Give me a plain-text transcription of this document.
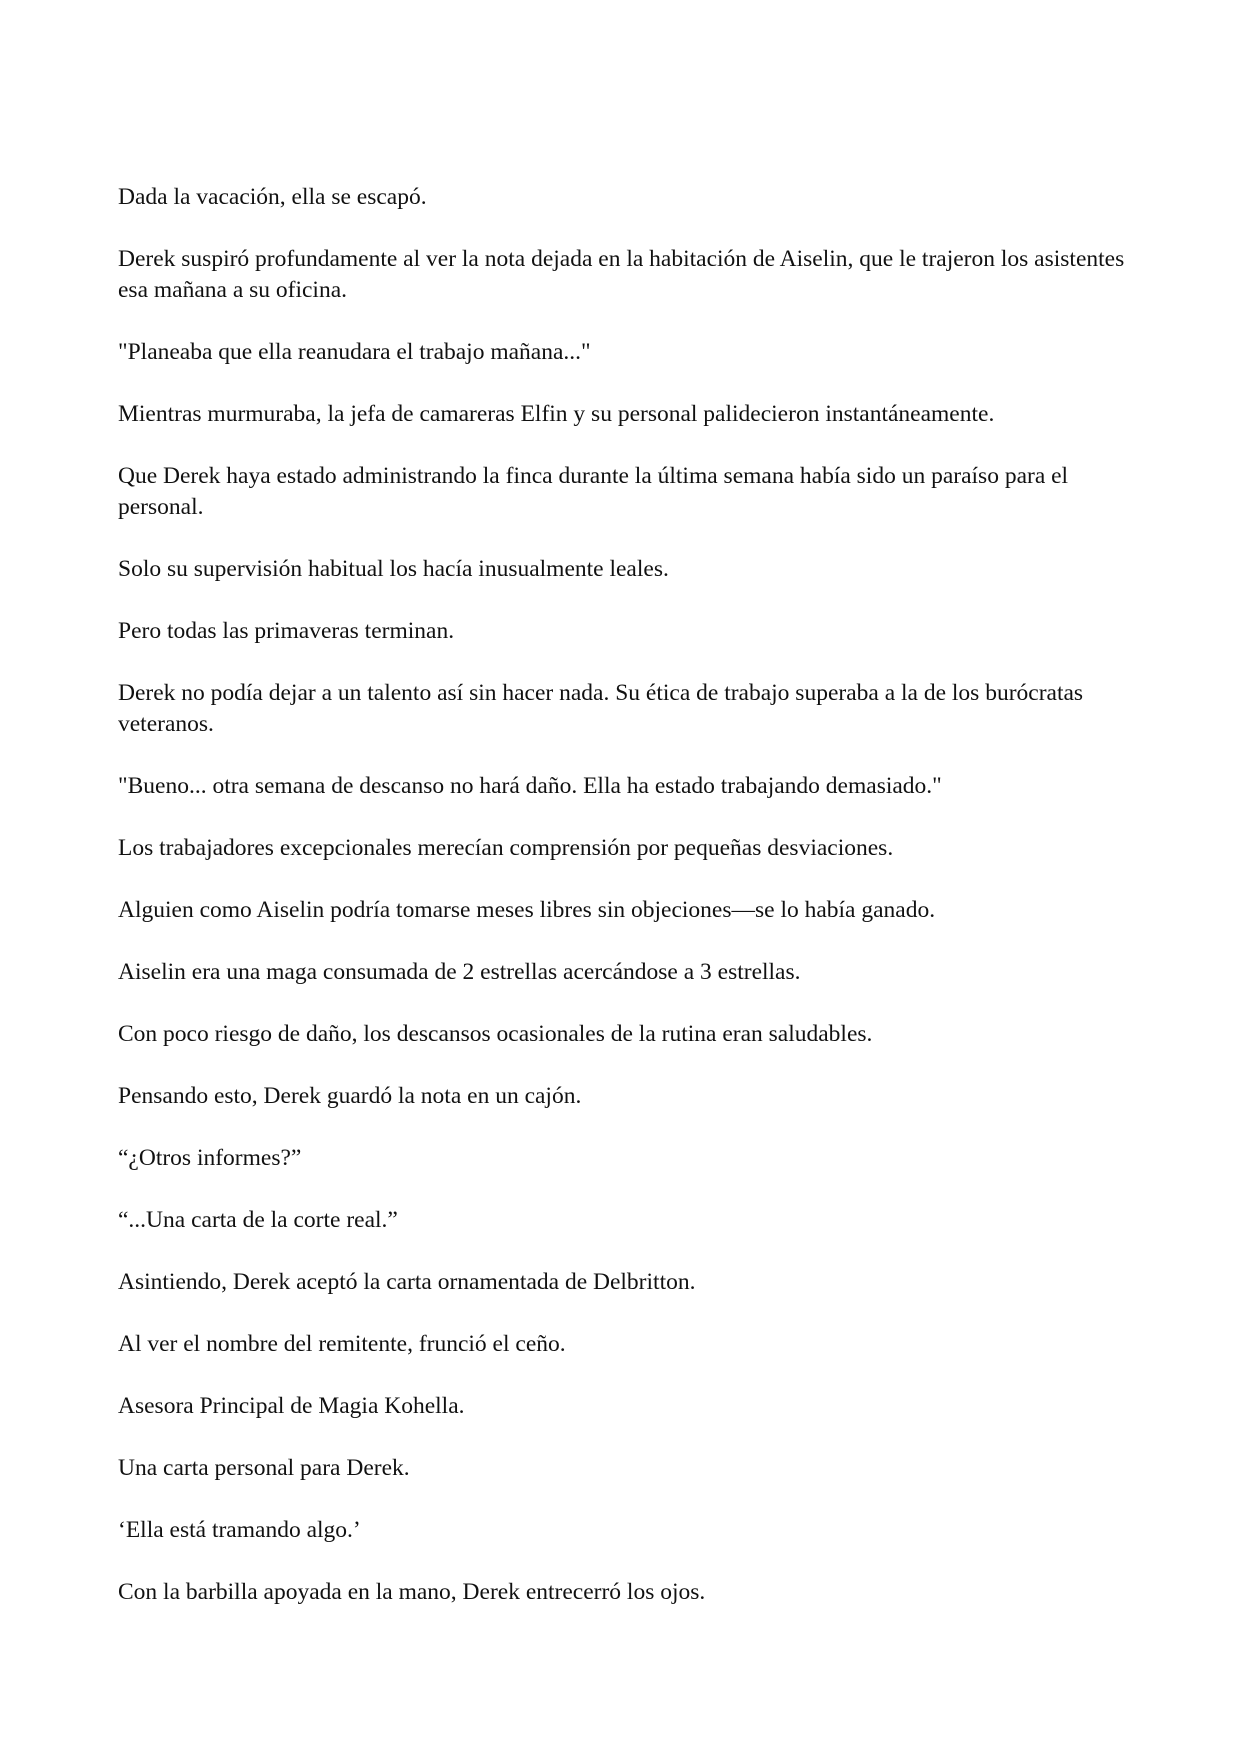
Dada la vacación, ella se escapó.

Derek suspiró profundamente al ver la nota dejada en la habitación de Aiselin, que le trajeron los asistentes esa mañana a su oficina.

"Planeaba que ella reanudara el trabajo mañana..."

Mientras murmuraba, la jefa de camareras Elfin y su personal palidecieron instantáneamente.

Que Derek haya estado administrando la finca durante la última semana había sido un paraíso para el personal.

Solo su supervisión habitual los hacía inusualmente leales.

Pero todas las primaveras terminan.

Derek no podía dejar a un talento así sin hacer nada. Su ética de trabajo superaba a la de los burócratas veteranos.

"Bueno... otra semana de descanso no hará daño. Ella ha estado trabajando demasiado."

Los trabajadores excepcionales merecían comprensión por pequeñas desviaciones.

Alguien como Aiselin podría tomarse meses libres sin objeciones—se lo había ganado.

Aiselin era una maga consumada de 2 estrellas acercándose a 3 estrellas.

Con poco riesgo de daño, los descansos ocasionales de la rutina eran saludables.

Pensando esto, Derek guardó la nota en un cajón.

“¿Otros informes?”

“...Una carta de la corte real.”

Asintiendo, Derek aceptó la carta ornamentada de Delbritton.

Al ver el nombre del remitente, frunció el ceño.

Asesora Principal de Magia Kohella.

Una carta personal para Derek.

‘Ella está tramando algo.’

Con la barbilla apoyada en la mano, Derek entrecerró los ojos.
